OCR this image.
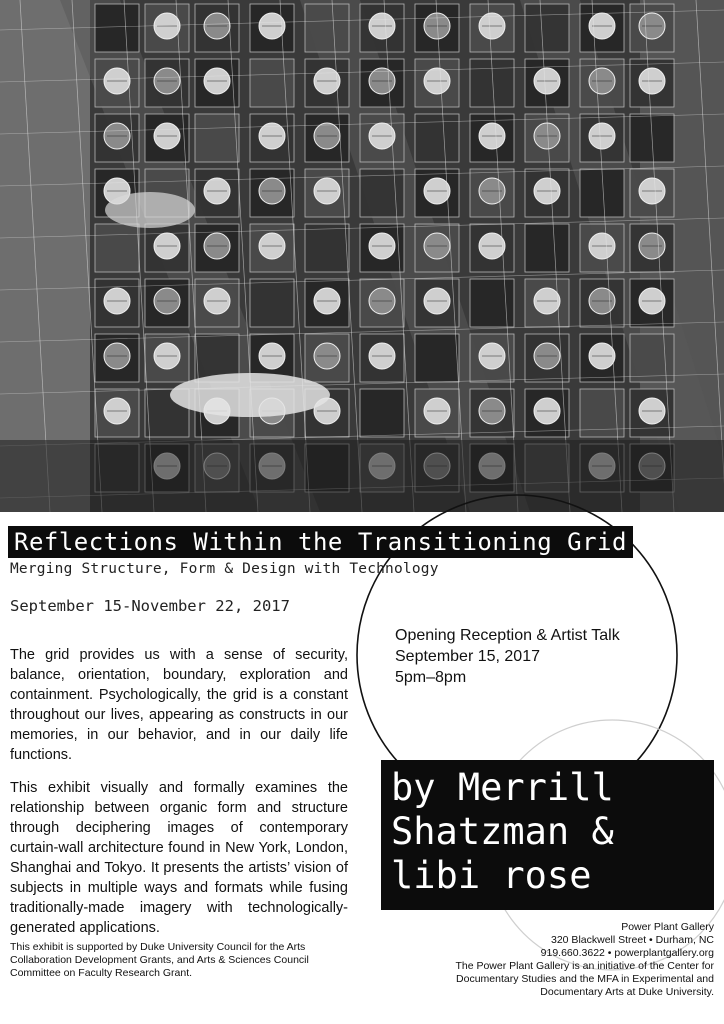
Reflections Within the Transitioning Grid
Merging Structure, Form & Design with Technology
September 15-November 22, 2017
Opening Reception & Artist Talk
September 15, 2017
5pm–8pm
The grid provides us with a sense of security, balance, orientation, boundary, exploration and containment. Psychologically, the grid is a constant throughout our lives, appearing as constructs in our memories, in our behavior, and in our daily life functions.
This exhibit visually and formally examines the relationship between organic form and structure through deciphering images of contemporary curtain-wall architecture found in New York, London, Shanghai and Tokyo. It presents the artists’ vision of subjects in multiple ways and formats while fusing traditionally-made imagery with technologically-generated applications.
This exhibit is supported by Duke University Council for the Arts Collaboration Development Grants, and Arts & Sciences Council Committee on Faculty Research Grant.
by Merrill
Shatzman &
libi rose
Power Plant Gallery
320 Blackwell Street • Durham, NC
919.660.3622 • powerplantgallery.org
The Power Plant Gallery is an initiative of the Center for
Documentary Studies and the MFA in Experimental and
Documentary Arts at Duke University.
